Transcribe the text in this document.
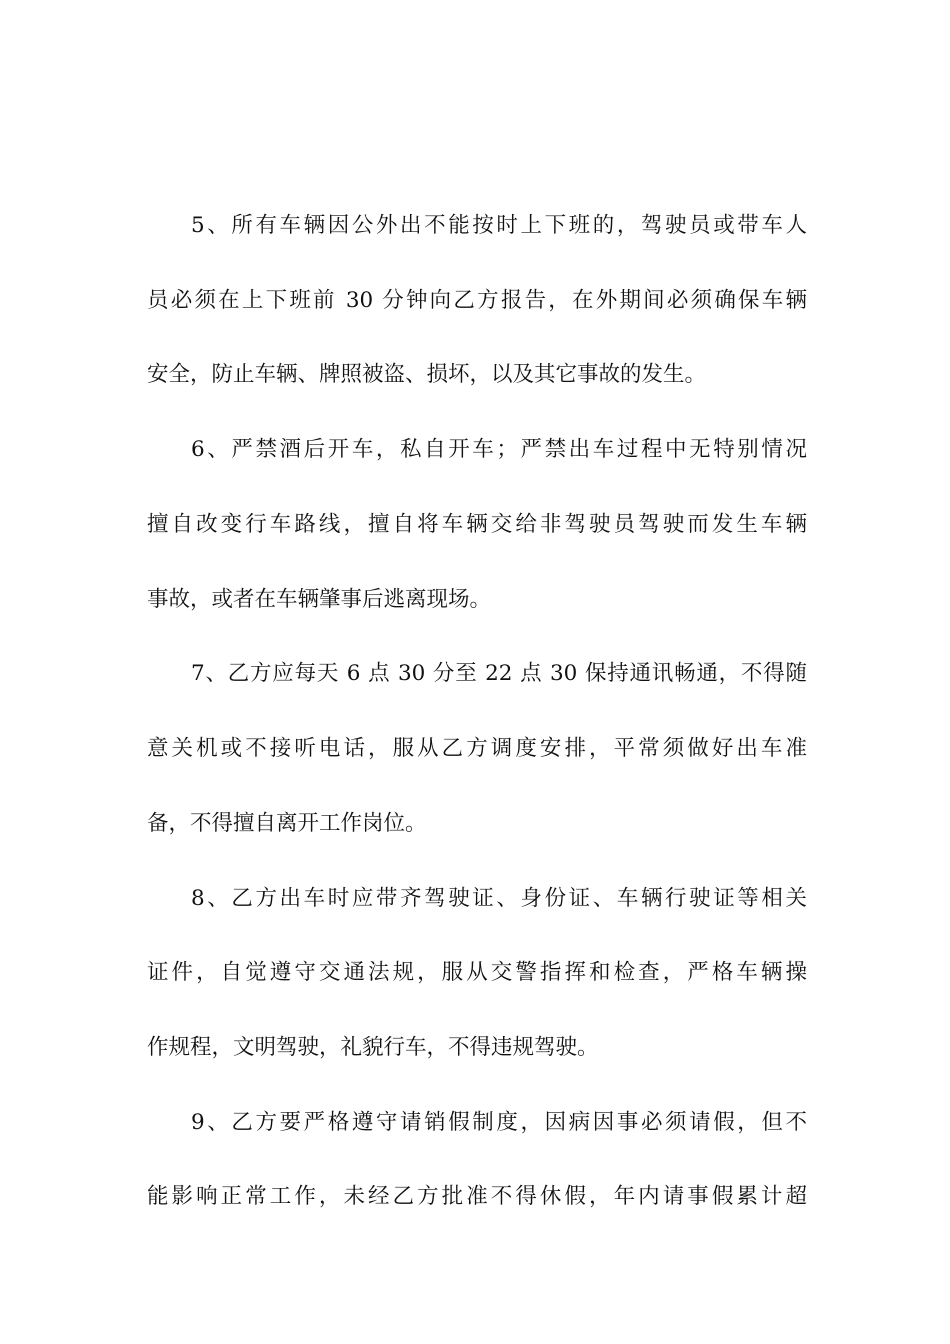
5、所有车辆因公外出不能按时上下班的，驾驶员或带车人
员必须在上下班前 30 分钟向乙方报告，在外期间必须确保车辆
安全，防止车辆、牌照被盗、损坏，以及其它事故的发生。
6、严禁酒后开车，私自开车；严禁出车过程中无特别情况
擅自改变行车路线，擅自将车辆交给非驾驶员驾驶而发生车辆
事故，或者在车辆肇事后逃离现场。
7、乙方应每天 6 点 30 分至 22 点 30 保持通讯畅通，不得随
意关机或不接听电话，服从乙方调度安排，平常须做好出车准
备，不得擅自离开工作岗位。
8、乙方出车时应带齐驾驶证、身份证、车辆行驶证等相关
证件，自觉遵守交通法规，服从交警指挥和检查，严格车辆操
作规程，文明驾驶，礼貌行车，不得违规驾驶。
9、乙方要严格遵守请销假制度，因病因事必须请假，但不
能影响正常工作，未经乙方批准不得休假，年内请事假累计超
